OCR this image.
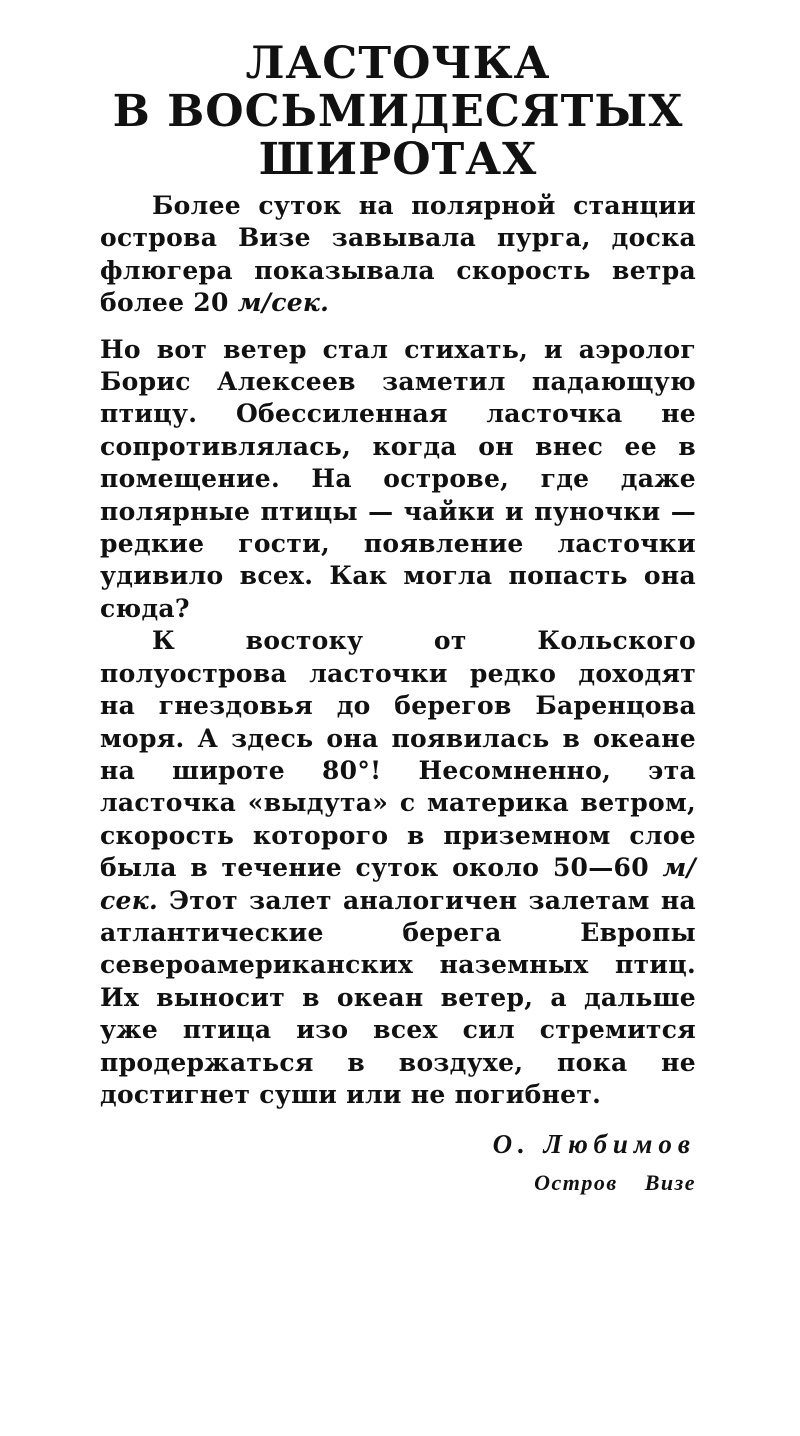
ЛАСТОЧКА
В ВОСЬМИДЕСЯТЫХ
ШИРОТАХ

Более суток на полярной станции острова Визе завывала пурга, доска флюгера показывала скорость ветра более 20 м/сек.

Но вот ветер стал стихать, и аэролог Борис Алексеев заметил падающую птицу. Обессиленная ласточка не сопротивлялась, когда он внес ее в помещение. На острове, где даже полярные птицы — чайки и пуночки — редкие гости, появление ласточки удивило всех. Как могла попасть она сюда?

К востоку от Кольского полуострова ласточки редко доходят на гнездовья до берегов Баренцова моря. А здесь она появилась в океане на широте 80°! Несомненно, эта ласточка «выдута» с материка ветром, скорость которого в приземном слое была в течение суток около 50—60 м/сек. Этот залет аналогичен залетам на атлантические берега Европы североамериканских наземных птиц. Их выносит в океан ветер, а дальше уже птица изо всех сил стремится продержаться в воздухе, пока не достигнет суши или не погибнет.

О. Любимов
Остров Визе
